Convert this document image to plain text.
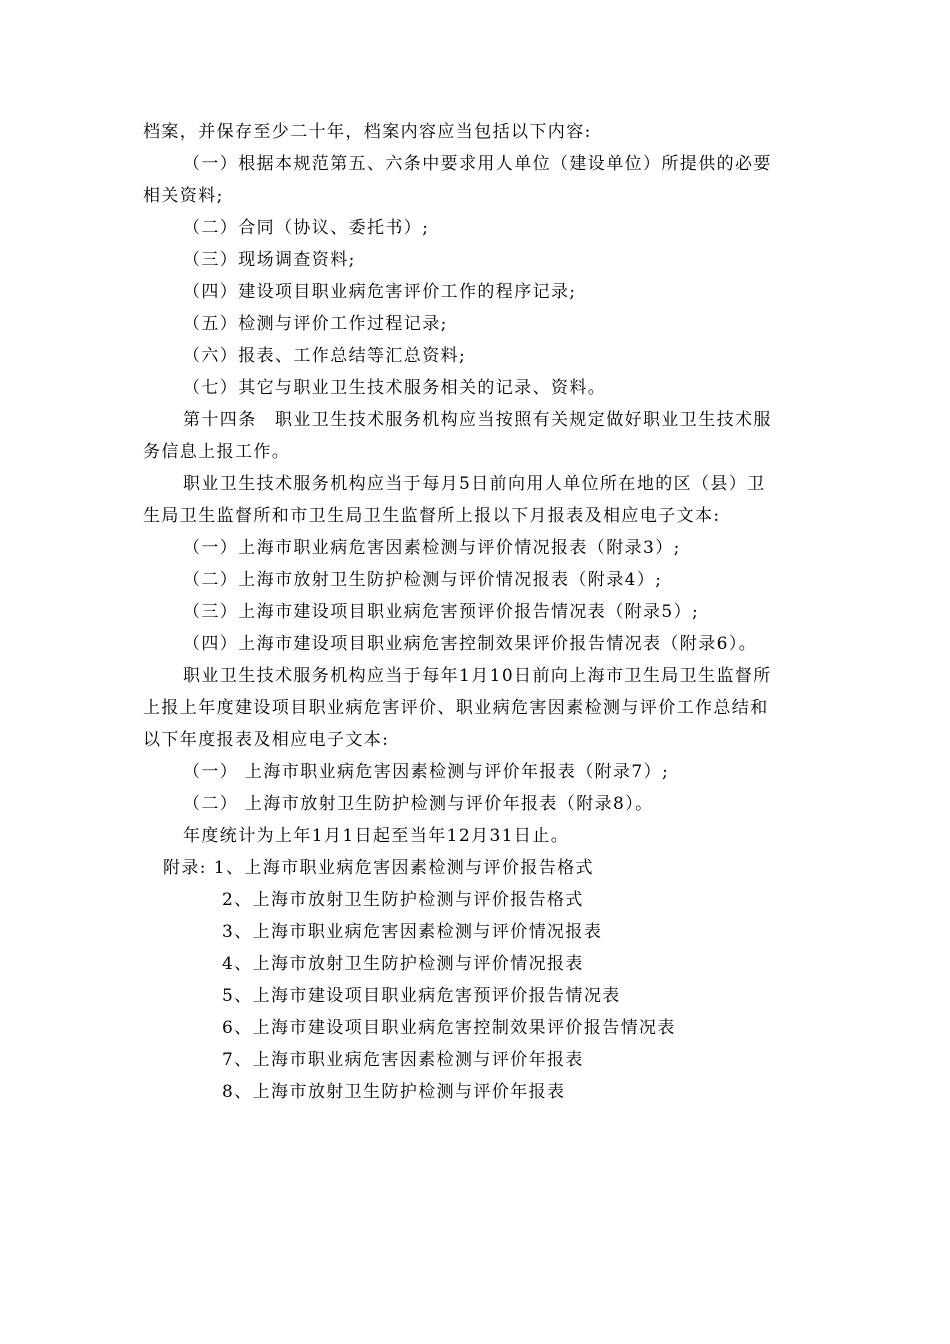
档案，并保存至少二十年，档案内容应当包括以下内容:
（一）根据本规范第五、六条中要求用人单位（建设单位）所提供的必要
相关资料;
（二）合同（协议、委托书）;
（三）现场调查资料;
（四）建设项目职业病危害评价工作的程序记录;
（五）检测与评价工作过程记录;
（六）报表、工作总结等汇总资料;
（七）其它与职业卫生技术服务相关的记录、资料。
第十四条　职业卫生技术服务机构应当按照有关规定做好职业卫生技术服
务信息上报工作。
职业卫生技术服务机构应当于每月5日前向用人单位所在地的区（县）卫
生局卫生监督所和市卫生局卫生监督所上报以下月报表及相应电子文本:
（一）上海市职业病危害因素检测与评价情况报表（附录3）;
（二）上海市放射卫生防护检测与评价情况报表（附录4）;
（三）上海市建设项目职业病危害预评价报告情况表（附录5）;
（四）上海市建设项目职业病危害控制效果评价报告情况表（附录6）。
职业卫生技术服务机构应当于每年1月10日前向上海市卫生局卫生监督所
上报上年度建设项目职业病危害评价、职业病危害因素检测与评价工作总结和
以下年度报表及相应电子文本:
（一） 上海市职业病危害因素检测与评价年报表（附录7）;
（二） 上海市放射卫生防护检测与评价年报表（附录8）。
年度统计为上年1月1日起至当年12月31日止。
附录: 1、上海市职业病危害因素检测与评价报告格式
2、上海市放射卫生防护检测与评价报告格式
3、上海市职业病危害因素检测与评价情况报表
4、上海市放射卫生防护检测与评价情况报表
5、上海市建设项目职业病危害预评价报告情况表
6、上海市建设项目职业病危害控制效果评价报告情况表
7、上海市职业病危害因素检测与评价年报表
8、上海市放射卫生防护检测与评价年报表
